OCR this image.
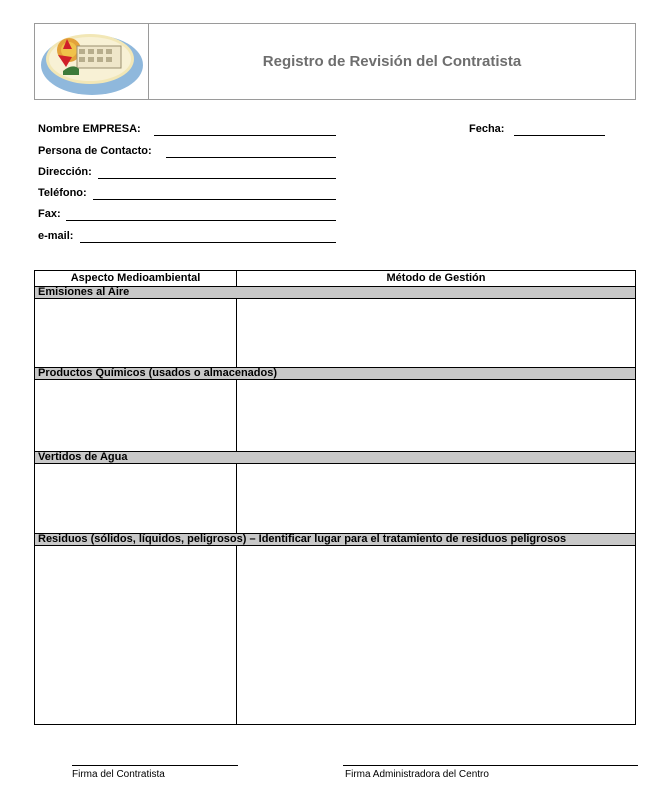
Registro de Revisión del Contratista
Nombre EMPRESA:	Fecha:
Persona de Contacto:
Dirección:
Teléfono:
Fax:
e-mail:
Aspecto Medioambiental	Método de Gestión
Emisiones al Aire
Productos Químicos (usados o almacenados)
Vertidos de Agua
Residuos (sólidos, líquidos, peligrosos) – Identificar lugar para el tratamiento de residuos peligrosos
Firma del Contratista	Firma Administradora del Centro
